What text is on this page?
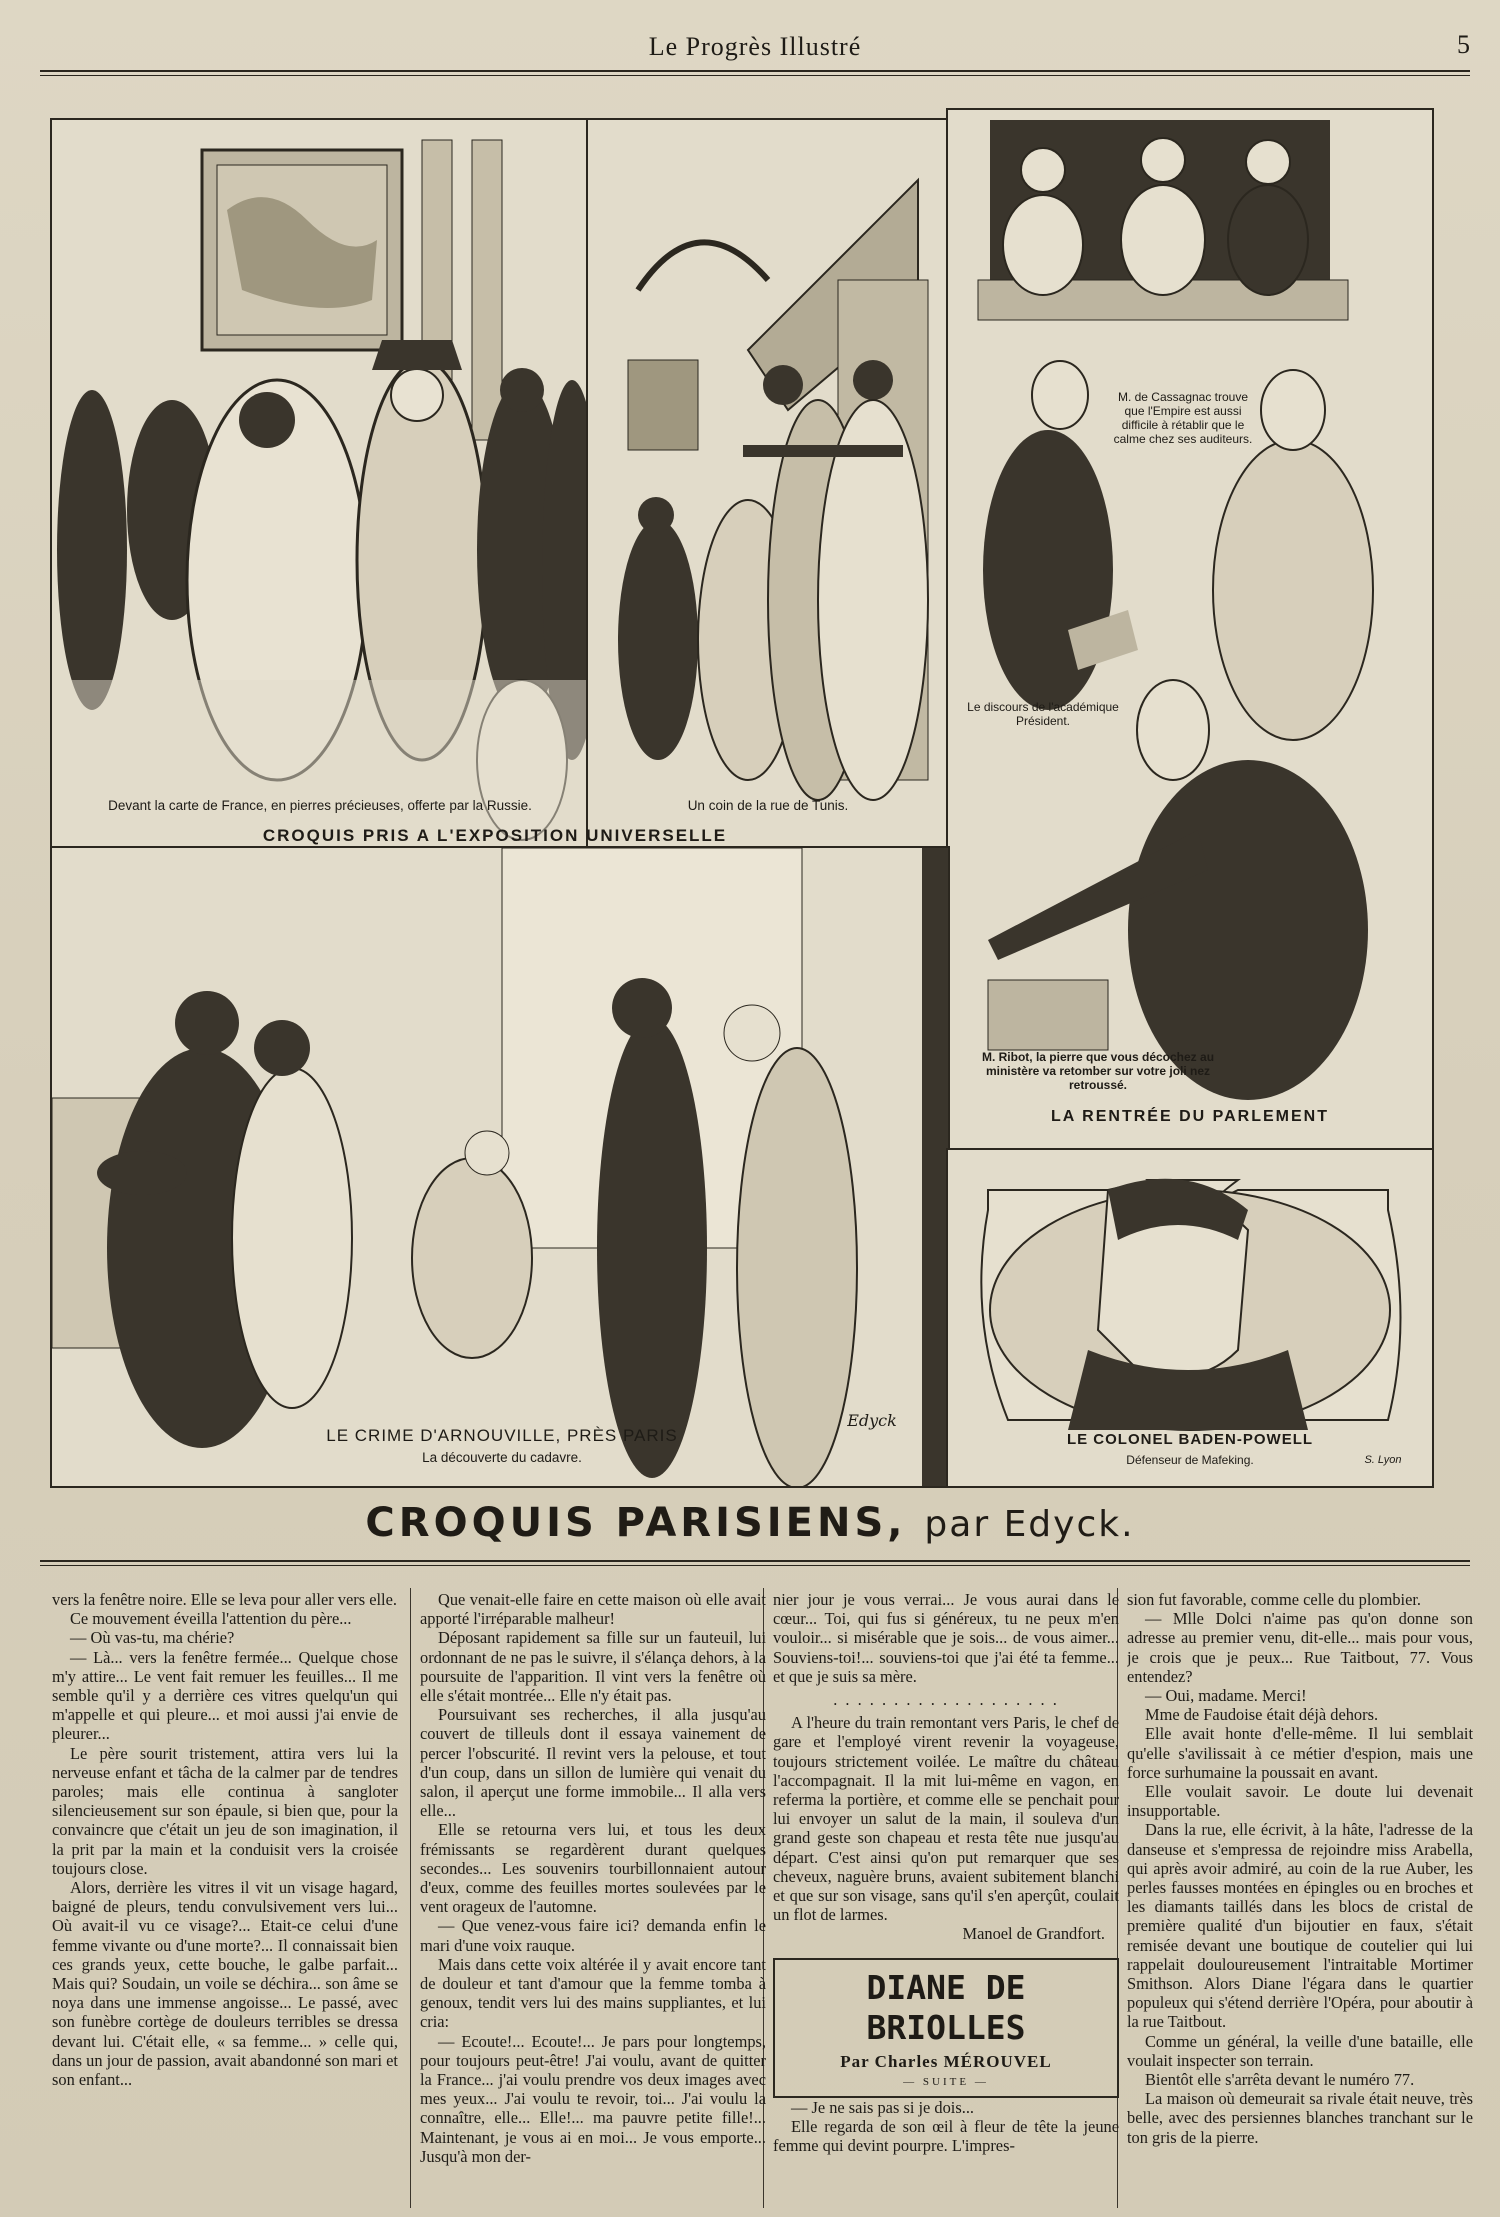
Le Progrès Illustré	5
Devant la carte de France, en pierres précieuses, offerte par la Russie.	Un coin de la rue de Tunis.
CROQUIS PRIS A L'EXPOSITION UNIVERSELLE
M. de Cassagnac trouve que l'Empire est aussi difficile à rétablir que le calme chez ses auditeurs.
Le discours de l'académique Président.
M. Ribot, la pierre que vous décochez au ministère va retomber sur votre joli nez retroussé.
LA RENTRÉE DU PARLEMENT
LE CRIME D'ARNOUVILLE, PRÈS PARIS
La découverte du cadavre.
Edyck
LE COLONEL BADEN-POWELL
Défenseur de Mafeking.	S. Lyon
CROQUIS PARISIENS, par Edyck.

vers la fenêtre noire. Elle se leva pour aller vers elle.

Ce mouvement éveilla l'attention du père...

— Où vas-tu, ma chérie?

— Là... vers la fenêtre fermée... Quelque chose m'y attire... Le vent fait remuer les feuilles... Il me semble qu'il y a derrière ces vitres quelqu'un qui m'appelle et qui pleure... et moi aussi j'ai envie de pleurer...

Le père sourit tristement, attira vers lui la nerveuse enfant et tâcha de la calmer par de tendres paroles; mais elle continua à sangloter silencieusement sur son épaule, si bien que, pour la convaincre que c'était un jeu de son imagination, il la prit par la main et la conduisit vers la croisée toujours close.

Alors, derrière les vitres il vit un visage hagard, baigné de pleurs, tendu convulsivement vers lui... Où avait-il vu ce visage?... Etait-ce celui d'une femme vivante ou d'une morte?... Il connaissait bien ces grands yeux, cette bouche, le galbe parfait... Mais qui? Soudain, un voile se déchira... son âme se noya dans une immense angoisse... Le passé, avec son funèbre cortège de douleurs terribles se dressa devant lui. C'était elle, « sa femme... » celle qui, dans un jour de passion, avait abandonné son mari et son enfant...

Que venait-elle faire en cette maison où elle avait apporté l'irréparable malheur!

Déposant rapidement sa fille sur un fauteuil, lui ordonnant de ne pas le suivre, il s'élança dehors, à la poursuite de l'apparition. Il vint vers la fenêtre où elle s'était montrée... Elle n'y était pas.

Poursuivant ses recherches, il alla jusqu'au couvert de tilleuls dont il essaya vainement de percer l'obscurité. Il revint vers la pelouse, et tout d'un coup, dans un sillon de lumière qui venait du salon, il aperçut une forme immobile... Il alla vers elle...

Elle se retourna vers lui, et tous les deux frémissants se regardèrent durant quelques secondes... Les souvenirs tourbillonnaient autour d'eux, comme des feuilles mortes soulevées par le vent orageux de l'automne.

— Que venez-vous faire ici? demanda enfin le mari d'une voix rauque.

Mais dans cette voix altérée il y avait encore tant de douleur et tant d'amour que la femme tomba à genoux, tendit vers lui des mains suppliantes, et lui cria:

— Ecoute!... Ecoute!... Je pars pour longtemps, pour toujours peut-être! J'ai voulu, avant de quitter la France... j'ai voulu prendre vos deux images avec mes yeux... J'ai voulu te revoir, toi... J'ai voulu la connaître, elle... Elle!... ma pauvre petite fille!... Maintenant, je vous ai en moi... Je vous emporte... Jusqu'à mon der-

nier jour je vous verrai... Je vous aurai dans le cœur... Toi, qui fus si généreux, tu ne peux m'en vouloir... si misérable que je sois... de vous aimer... Souviens-toi!... souviens-toi que j'ai été ta femme... et que je suis sa mère.

. . . . . . . . . . . . . . . . . . .

A l'heure du train remontant vers Paris, le chef de gare et l'employé virent revenir la voyageuse, toujours strictement voilée. Le maître du château l'accompagnait. Il la mit lui-même en vagon, en referma la portière, et comme elle se penchait pour lui envoyer un salut de la main, il souleva d'un grand geste son chapeau et resta tête nue jusqu'au départ. C'est ainsi qu'on put remarquer que ses cheveux, naguère bruns, avaient subitement blanchi et que sur son visage, sans qu'il s'en aperçût, coulait un flot de larmes.

Manoel de Grandfort.

DIANE DE BRIOLLES
Par Charles MÉROUVEL
— SUITE —

— Je ne sais pas si je dois...

Elle regarda de son œil à fleur de tête la jeune femme qui devint pourpre. L'impres-

sion fut favorable, comme celle du plombier.

— Mlle Dolci n'aime pas qu'on donne son adresse au premier venu, dit-elle... mais pour vous, je crois que je peux... Rue Taitbout, 77. Vous entendez?

— Oui, madame. Merci!

Mme de Faudoise était déjà dehors.

Elle avait honte d'elle-même. Il lui semblait qu'elle s'avilissait à ce métier d'espion, mais une force surhumaine la poussait en avant.

Elle voulait savoir. Le doute lui devenait insupportable.

Dans la rue, elle écrivit, à la hâte, l'adresse de la danseuse et s'empressa de rejoindre miss Arabella, qui après avoir admiré, au coin de la rue Auber, les perles fausses montées en épingles ou en broches et les diamants taillés dans les blocs de cristal de première qualité d'un bijoutier en faux, s'était remisée devant une boutique de coutelier qui lui rappelait douloureusement l'intraitable Mortimer Smithson. Alors Diane l'égara dans le quartier populeux qui s'étend derrière l'Opéra, pour aboutir à la rue Taitbout.

Comme un général, la veille d'une bataille, elle voulait inspecter son terrain.

Bientôt elle s'arrêta devant le numéro 77.

La maison où demeurait sa rivale était neuve, très belle, avec des persiennes blanches tranchant sur le ton gris de la pierre.
